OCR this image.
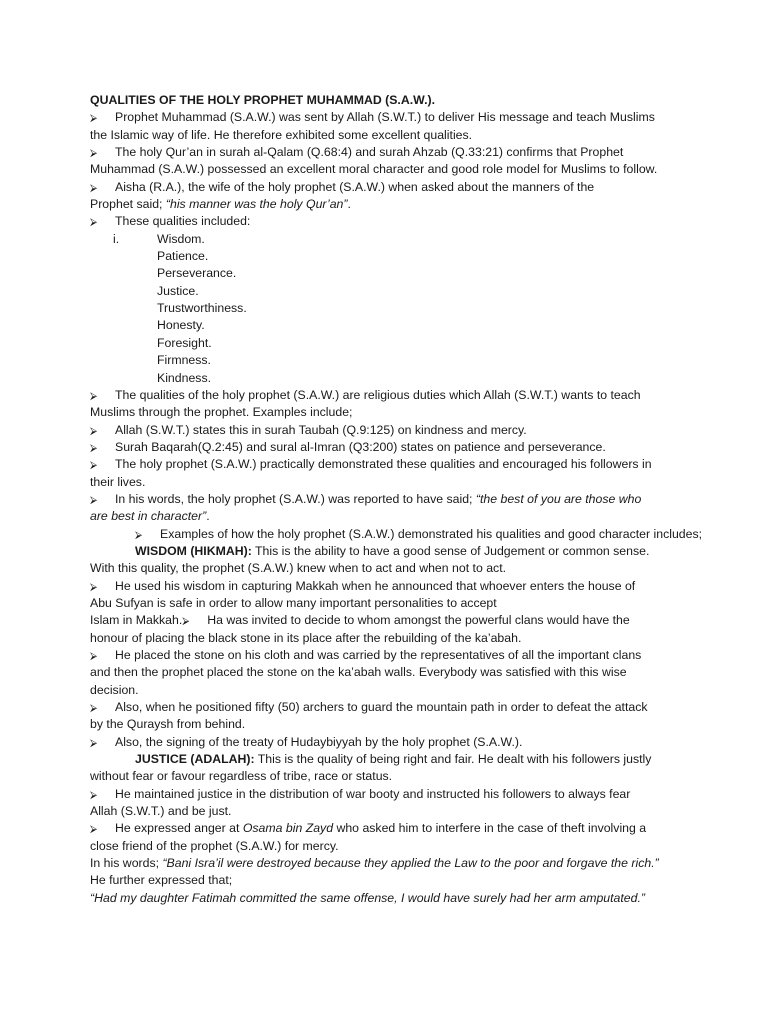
QUALITIES OF THE HOLY PROPHET MUHAMMAD (S.A.W.).
⮚ Prophet Muhammad (S.A.W.) was sent by Allah (S.W.T.) to deliver His message and teach Muslims
the Islamic way of life. He therefore exhibited some excellent qualities.
⮚ The holy Qur’an in surah al-Qalam (Q.68:4) and surah Ahzab (Q.33:21) confirms that Prophet
Muhammad (S.A.W.) possessed an excellent moral character and good role model for Muslims to follow.
⮚ Aisha (R.A.), the wife of the holy prophet (S.A.W.) when asked about the manners of the
Prophet said; “his manner was the holy Qur’an”.
⮚ These qualities included:
i.	Wisdom.
Patience.
Perseverance.
Justice.
Trustworthiness.
Honesty.
Foresight.
Firmness.
Kindness.
⮚ The qualities of the holy prophet (S.A.W.) are religious duties which Allah (S.W.T.) wants to teach
Muslims through the prophet. Examples include;
⮚ Allah (S.W.T.) states this in surah Taubah (Q.9:125) on kindness and mercy.
⮚ Surah Baqarah(Q.2:45) and sural al-Imran (Q3:200) states on patience and perseverance.
⮚ The holy prophet (S.A.W.) practically demonstrated these qualities and encouraged his followers in
their lives.
⮚ In his words, the holy prophet (S.A.W.) was reported to have said; “the best of you are those who
are best in character”.
⮚ Examples of how the holy prophet (S.A.W.) demonstrated his qualities and good character includes;
WISDOM (HIKMAH): This is the ability to have a good sense of Judgement or common sense.
With this quality, the prophet (S.A.W.) knew when to act and when not to act.
⮚ He used his wisdom in capturing Makkah when he announced that whoever enters the house of
Abu Sufyan is safe in order to allow many important personalities to accept
Islam in Makkah.⮚ Ha was invited to decide to whom amongst the powerful clans would have the
honour of placing the black stone in its place after the rebuilding of the ka’abah.
⮚ He placed the stone on his cloth and was carried by the representatives of all the important clans
and then the prophet placed the stone on the ka’abah walls. Everybody was satisfied with this wise
decision.
⮚ Also, when he positioned fifty (50) archers to guard the mountain path in order to defeat the attack
by the Quraysh from behind.
⮚ Also, the signing of the treaty of Hudaybiyyah by the holy prophet (S.A.W.).
JUSTICE (ADALAH): This is the quality of being right and fair. He dealt with his followers justly
without fear or favour regardless of tribe, race or status.
⮚ He maintained justice in the distribution of war booty and instructed his followers to always fear
Allah (S.W.T.) and be just.
⮚ He expressed anger at Osama bin Zayd who asked him to interfere in the case of theft involving a
close friend of the prophet (S.A.W.) for mercy.
In his words; “Bani Isra’il were destroyed because they applied the Law to the poor and forgave the rich.”
He further expressed that;
“Had my daughter Fatimah committed the same offense, I would have surely had her arm amputated.”
